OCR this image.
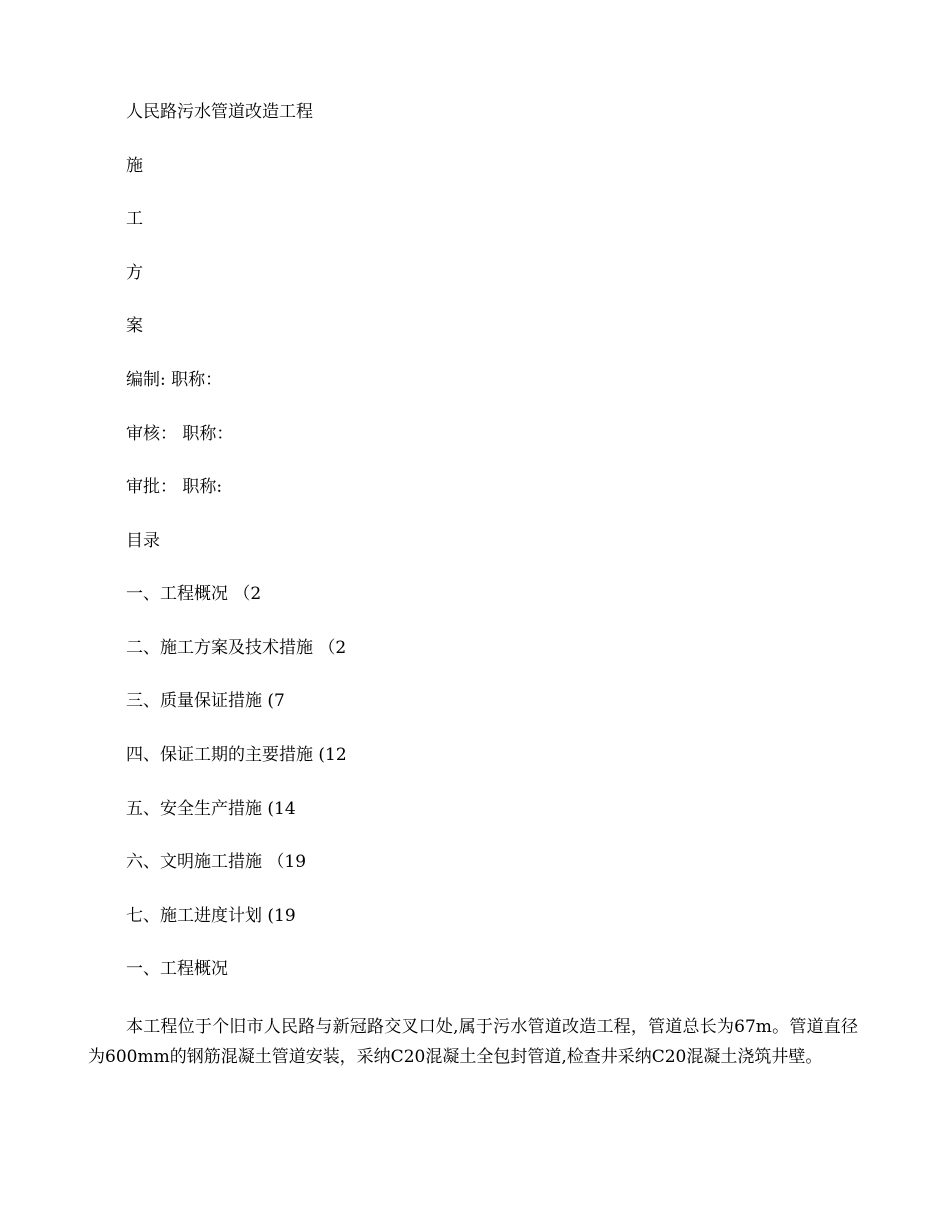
人民路污水管道改造工程
施
工
方
案
编制: 职称：
审核： 职称：
审批： 职称:
目录
一、工程概况 （2
二、施工方案及技术措施 （2
三、质量保证措施 (7
四、保证工期的主要措施 (12
五、安全生产措施 (14
六、文明施工措施 （19
七、施工进度计划 (19
一、工程概况

本工程位于个旧市人民路与新冠路交叉口处,属于污水管道改造工程，管道总长为67m。管道直径为600mm的钢筋混凝土管道安装，采纳C20混凝土全包封管道,检查井采纳C20混凝土浇筑井壁。
